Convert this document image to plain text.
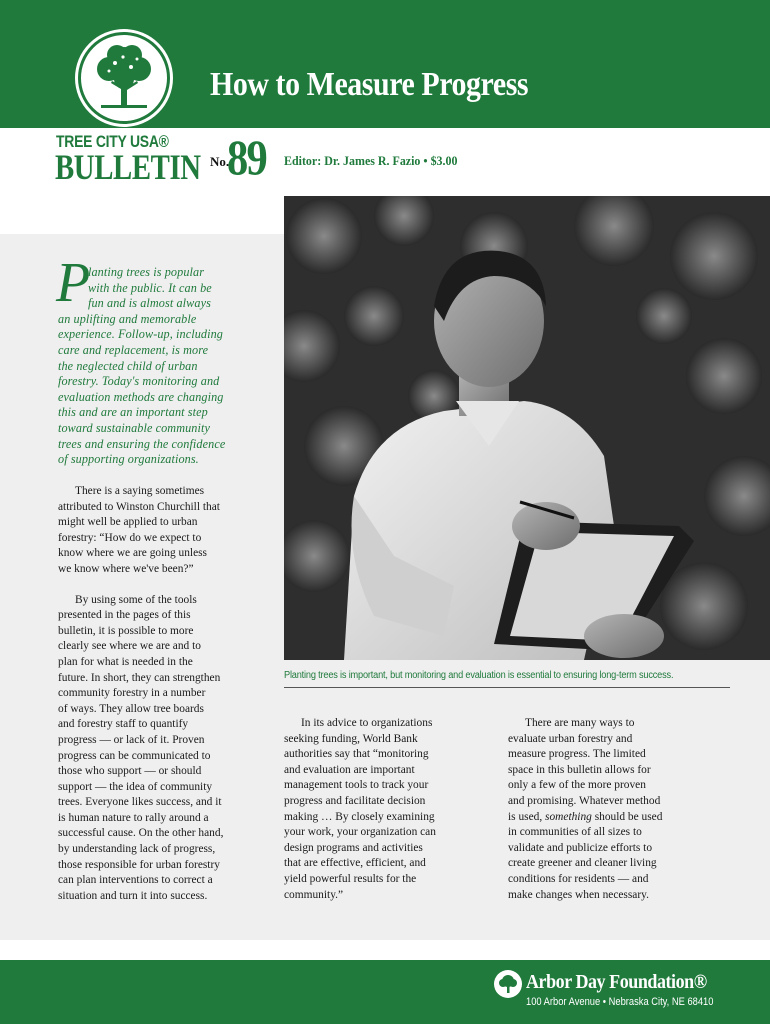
How to Measure Progress
TREE CITY USA®
BULLETIN No.
89 Editor: Dr. James R. Fazio • $3.00
Planting trees is important, but monitoring and evaluation is essential to ensuring long-term success.
P

lanting trees is popular
with the public. It can be
fun and is almost always
an uplifting and memorable
experience. Follow-up, including
care and replacement, is more
the neglected child of urban
forestry. Today's monitoring and
evaluation methods are changing
this and are an important step
toward sustainable community
trees and ensuring the confidence
of supporting organizations.

There is a saying sometimes
attributed to Winston Churchill that
might well be applied to urban
forestry: “How do we expect to
know where we are going unless
we know where we've been?”
By using some of the tools
presented in the pages of this
bulletin, it is possible to more
clearly see where we are and to
plan for what is needed in the
future. In short, they can strengthen
community forestry in a number
of ways. They allow tree boards
and forestry staff to quantify
progress — or lack of it. Proven
progress can be communicated to
those who support — or should
support — the idea of community
trees. Everyone likes success, and it
is human nature to rally around a
successful cause. On the other hand,
by understanding lack of progress,
those responsible for urban forestry
can plan interventions to correct a
situation and turn it into success.
In its advice to organizations
seeking funding, World Bank
authorities say that “monitoring
and evaluation are important
management tools to track your
progress and facilitate decision
making … By closely examining
your work, your organization can
design programs and activities
that are effective, efficient, and
yield powerful results for the
community.”
There are many ways to
evaluate urban forestry and
measure progress. The limited
space in this bulletin allows for
only a few of the more proven
and promising. Whatever method
is used, something should be used
in communities of all sizes to
validate and publicize efforts to
create greener and cleaner living
conditions for residents — and
make changes when necessary.
Arbor Day Foundation®
100 Arbor Avenue • Nebraska City, NE 68410
